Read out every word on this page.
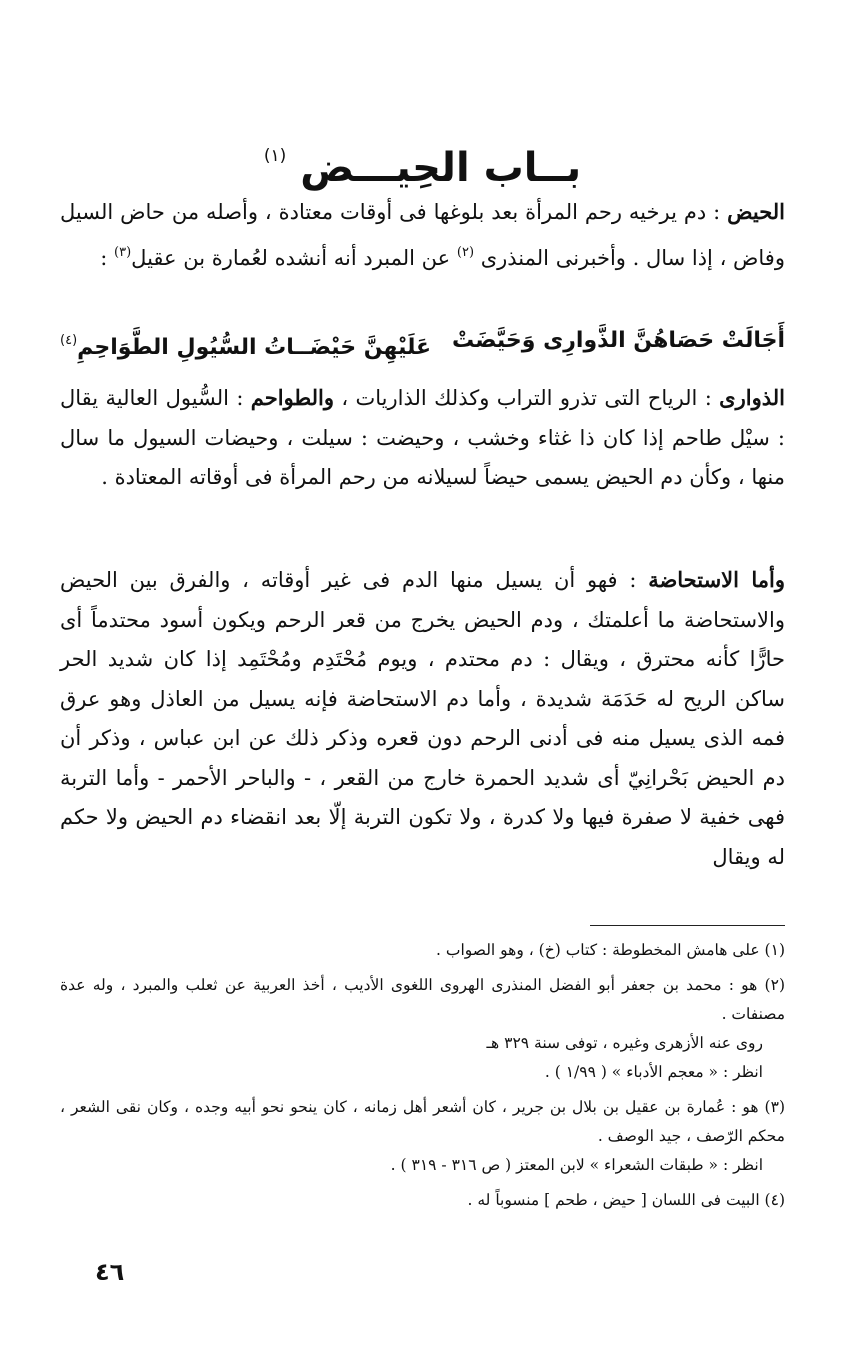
بــاب الحِيـــض $^{(١)}$

الحيض : دم يرخيه رحم المرأة بعد بلوغها فى أوقات معتادة ، وأصله من حاض السيل وفاض ، إذا سال . وأخبرنى المنذرى $^{(٢)}$ عن المبرد أنه أنشده لعُمارة بن عقيل$^{(٣)}$ :

أَجَالَتْ حَصَاهُنَّ الذَّوارِى وَحَيَّضَتْ
عَلَيْهِنَّ حَيْضَــاتُ السُّيُولِ الطَّوَاحِمِ$^{(٤)}$

الذوارى : الرياح التى تذرو التراب وكذلك الذاريات ، والطواحم : السُّيول العالية يقال : سيْل طاحم إذا كان ذا غثاء وخشب ، وحيضت : سيلت ، وحيضات السيول ما سال منها ، وكأن دم الحيض يسمى حيضاً لسيلانه من رحم المرأة فى أوقاته المعتادة .

وأما الاستحاضة : فهو أن يسيل منها الدم فى غير أوقاته ، والفرق بين الحيض والاستحاضة ما أعلمتك ، ودم الحيض يخرج من قعر الرحم ويكون أسود محتدماً أى حارًّا كأنه محترق ، ويقال : دم محتدم ، ويوم مُحْتَدِم ومُحْتَمِد إذا كان شديد الحر ساكن الريح له حَدَمَة شديدة ، وأما دم الاستحاضة فإنه يسيل من العاذل وهو عرق فمه الذى يسيل منه فى أدنى الرحم دون قعره وذكر ذلك عن ابن عباس ، وذكر أن دم الحيض بَحْرانِيّ أى شديد الحمرة خارج من القعر ، - والباحر الأحمر - وأما التربة فهى خفية لا صفرة فيها ولا كدرة ، ولا تكون التربة إلّا بعد انقضاء دم الحيض ولا حكم له ويقال

(١) على هامش المخطوطة : كتاب (خ) ، وهو الصواب .

(٢) هو : محمد بن جعفر أبو الفضل المنذرى الهروى اللغوى الأديب ، أخذ العربية عن ثعلب والمبرد ، وله عدة مصنفات .

روى عنه الأزهرى وغيره ، توفى سنة ٣٢٩ هـ

انظر : « معجم الأدباء » ( ١/٩٩ ) .

(٣) هو : عُمارة بن عقيل بن بلال بن جرير ، كان أشعر أهل زمانه ، كان ينحو نحو أبيه وجده ، وكان نقى الشعر ، محكم الرّصف ، جيد الوصف .

انظر : « طبقات الشعراء » لابن المعتز ( ص ٣١٦ - ٣١٩ ) .

(٤) البيت فى اللسان [ حيض ، طحم ] منسوباً له .

٤٦
